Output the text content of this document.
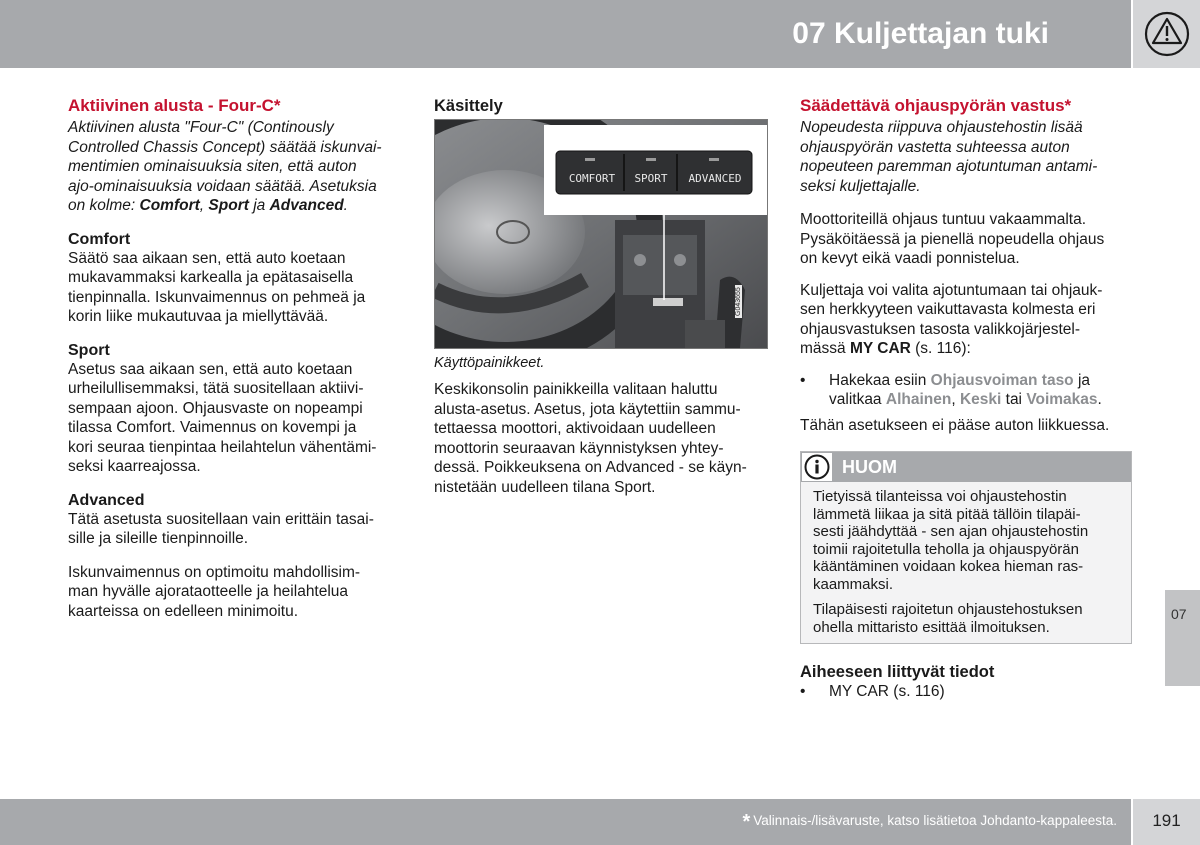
07 Kuljettajan tuki
Aktiivinen alusta - Four-C*

Aktiivinen alusta "Four-C" (Continously

Controlled Chassis Concept) säätää iskunvai-

mentimien ominaisuuksia siten, että auton

ajo-ominaisuuksia voidaan säätää. Asetuksia

on kolme: Comfort, Sport ja Advanced.

Comfort

Säätö saa aikaan sen, että auto koetaan

mukavammaksi karkealla ja epätasaisella

tienpinnalla. Iskunvaimennus on pehmeä ja

korin liike mukautuvaa ja miellyttävää.

Sport

Asetus saa aikaan sen, että auto koetaan

urheilullisemmaksi, tätä suositellaan aktiivi-

sempaan ajoon. Ohjausvaste on nopeampi

tilassa Comfort. Vaimennus on kovempi ja

kori seuraa tienpintaa heilahtelun vähentämi-

seksi kaarreajossa.

Advanced

Tätä asetusta suositellaan vain erittäin tasai-

sille ja sileille tienpinnoille.

Iskunvaimennus on optimoitu mahdollisim-

man hyvälle ajorataotteelle ja heilahtelua

kaarteissa on edelleen minimoitu.

Käsittely
COMFORT	SPORT	ADVANCED
G043655
Käyttöpainikkeet.

Keskikonsolin painikkeilla valitaan haluttu

alusta-asetus. Asetus, jota käytettiin sammu-

tettaessa moottori, aktivoidaan uudelleen

moottorin seuraavan käynnistyksen yhtey-

dessä. Poikkeuksena on Advanced - se käyn-

nistetään uudelleen tilana Sport.

Säädettävä ohjauspyörän vastus*

Nopeudesta riippuva ohjaustehostin lisää

ohjauspyörän vastetta suhteessa auton

nopeuteen paremman ajotuntuman antami-

seksi kuljettajalle.

Moottoriteillä ohjaus tuntuu vakaammalta.

Pysäköitäessä ja pienellä nopeudella ohjaus

on kevyt eikä vaadi ponnistelua.

Kuljettaja voi valita ajotuntumaan tai ohjauk-

sen herkkyyteen vaikuttavasta kolmesta eri

ohjausvastuksen tasosta valikkojärjestel-

mässä MY CAR (s. 116):

•	Hakekaa esiin Ohjausvoiman taso ja
valitkaa Alhainen, Keski tai Voimakas.

Tähän asetukseen ei pääse auton liikkuessa.

HUOM

Tietyissä tilanteissa voi ohjaustehostin
lämmetä liikaa ja sitä pitää tällöin tilapäi-
sesti jäähdyttää - sen ajan ohjaustehostin
toimii rajoitetulla teholla ja ohjauspyörän
kääntäminen voidaan kokea hieman ras-
kaammaksi.

Tilapäisesti rajoitetun ohjaustehostuksen
ohella mittaristo esittää ilmoituksen.

Aiheeseen liittyvät tiedot
•	MY CAR (s. 116)
07
* Valinnais-/lisävaruste, katso lisätietoa Johdanto-kappaleesta.	191
